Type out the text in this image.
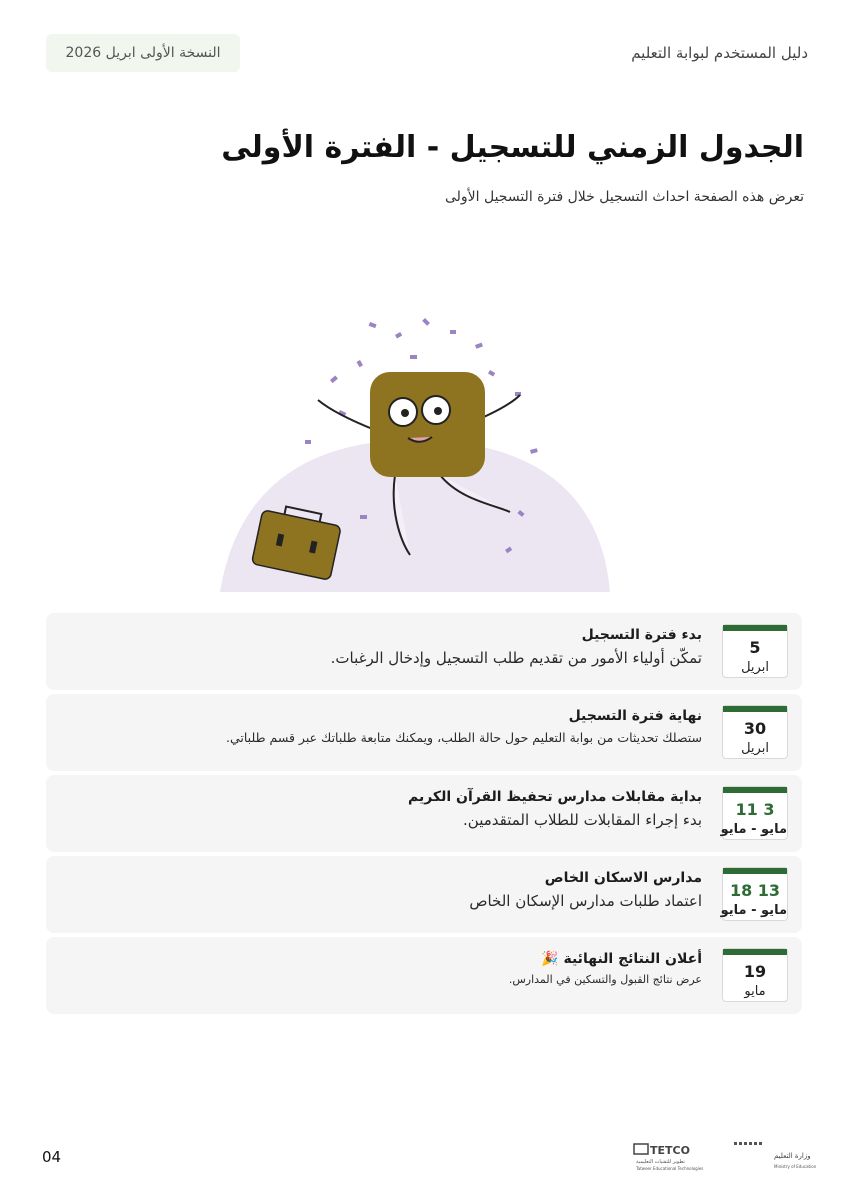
دليل المستخدم لبوابة التعليم
النسخة الأولى ابريل 2026
الجدول الزمني للتسجيل - الفترة الأولى
تعرض هذه الصفحة احداث التسجيل خلال فترة التسجيل الأولى
5
ابريل
بدء فترة التسجيل
تمكّن أولياء الأمور من تقديم طلب التسجيل وإدخال الرغبات.
30
ابريل
نهاية فترة التسجيل
ستصلك تحديثات من بوابة التعليم حول حالة الطلب، ويمكنك متابعة طلباتك عبر قسم طلباتي.
3 11
مايو - مايو
بداية مقابلات مدارس تحفيظ القرآن الكريم
بدء إجراء المقابلات للطلاب المتقدمين.
13 18
مايو - مايو
مدارس الاسكان الخاص
اعتماد طلبات مدارس الإسكان الخاص
19
مايو
أعلان النتائج النهائية 🎉
عرض نتائج القبول والتسكين في المدارس.
04	TETCO
تطوير للتقنيات التعليمية
Tatweer Educational Technologies
وزارة التعليم
Ministry of Education
